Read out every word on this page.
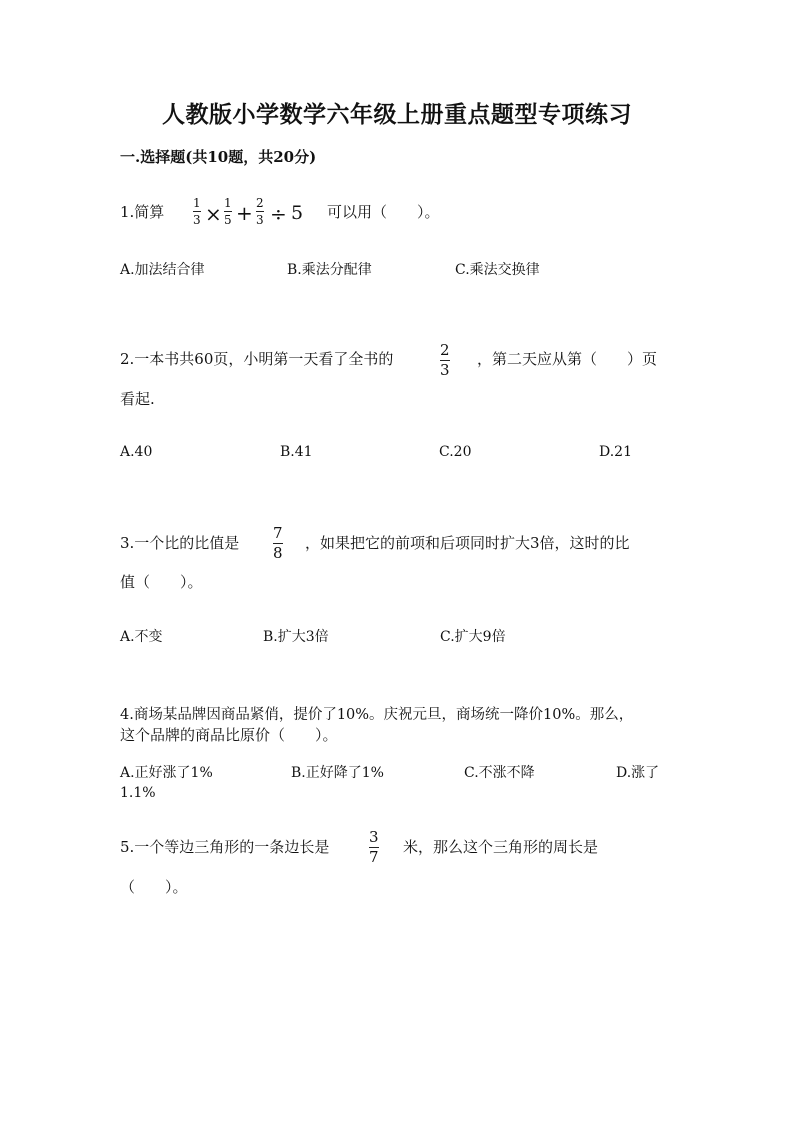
人教版小学数学六年级上册重点题型专项练习
一.选择题(共10题，共20分)
1.简算 1
3 × 1
5 + 2
3 ÷ 5 可以用（　　）。
A.加法结合律	B.乘法分配律	C.乘法交换律
2.一本书共60页，小明第一天看了全书的	2
3
，第二天应从第（　　）页
看起.
A.40	B.41	C.20	D.21
3.一个比的比值是
7
8
，如果把它的前项和后项同时扩大3倍，这时的比
值（　　）。
A.不变	B.扩大3倍	C.扩大9倍
4.商场某品牌因商品紧俏，提价了10%。庆祝元旦，商场统一降价10%。那么，
这个品牌的商品比原价（　　）。
A.正好涨了1%	B.正好降了1%	C.不涨不降	D.涨了
1.1%
5.一个等边三角形的一条边长是
3
7
米，那么这个三角形的周长是
（　　）。
